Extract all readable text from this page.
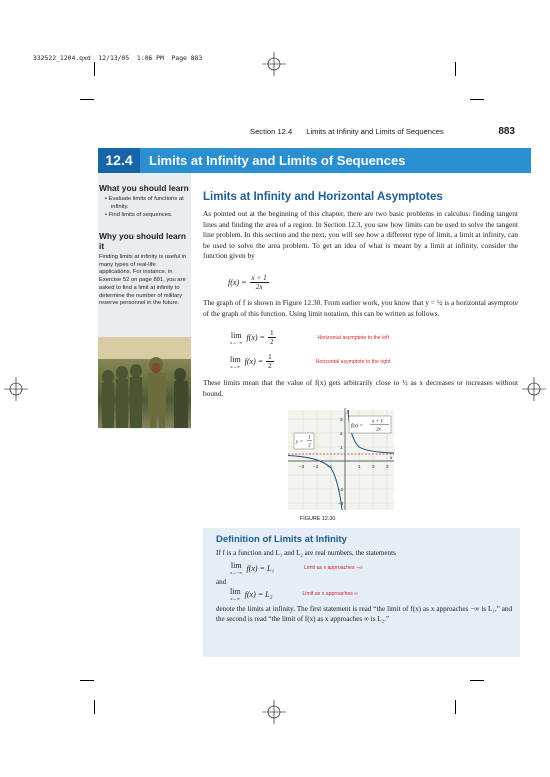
332522_1204.qxd  12/13/05  1:06 PM  Page 883
Section 12.4 Limits at Infinity and Limits of Sequences	883
12.4	Limits at Infinity and Limits of Sequences
What you should learn
• Evaluate limits of functions at infinity.
• Find limits of sequences.
Why you should learn it

Finding limits at infinity is useful in many types of real-life applications. For instance, in Exercise 52 on page 891, you are asked to find a limit at infinity to determine the number of military reserve personnel in the future.

© Karen Kasmauski/Corbis
Limits at Infinity and Horizontal Asymptotes
As pointed out at the beginning of this chapter, there are two basic problems in calculus: finding tangent lines and finding the area of a region. In Section 12.3, you saw how limits can be used to solve the tangent line problem. In this section and the next, you will see how a different type of limit, a limit at infinity, can be used to solve the area problem. To get an idea of what is meant by a limit at infinity, consider the function given by
$f(x) = \frac{x + 1}{2x}$
The graph of f is shown in Figure 12.30. From earlier work, you know that y = ½ is a horizontal asymptote of the graph of this function. Using limit notation, this can be written as follows.
lim
x→−∞ $f(x) = \frac{1}{2}$	Horizontal asymptote to the left
lim
x→∞ $f(x) = \frac{1}{2}$	Horizontal asymptote to the right
These limits mean that the value of f(x) gets arbitrarily close to ½ as x decreases or increases without bound.
y
x
−3 −2 −1	1 2 3
3
2
1
−2
−3
f(x) =
x + 1
2x
y =
1
2
FIGURE 12.30
Definition of Limits at Infinity
If f is a function and L₁ and L₂ are real numbers, the statements
lim
x→−∞ f(x) = L₁	Limit as x approaches −∞
and
lim
x→∞ f(x) = L₂	Limit as x approaches ∞
denote the limits at infinity. The first statement is read “the limit of f(x) as x approaches −∞ is L₁,” and the second is read “the limit of f(x) as x approaches ∞ is L₂.”
